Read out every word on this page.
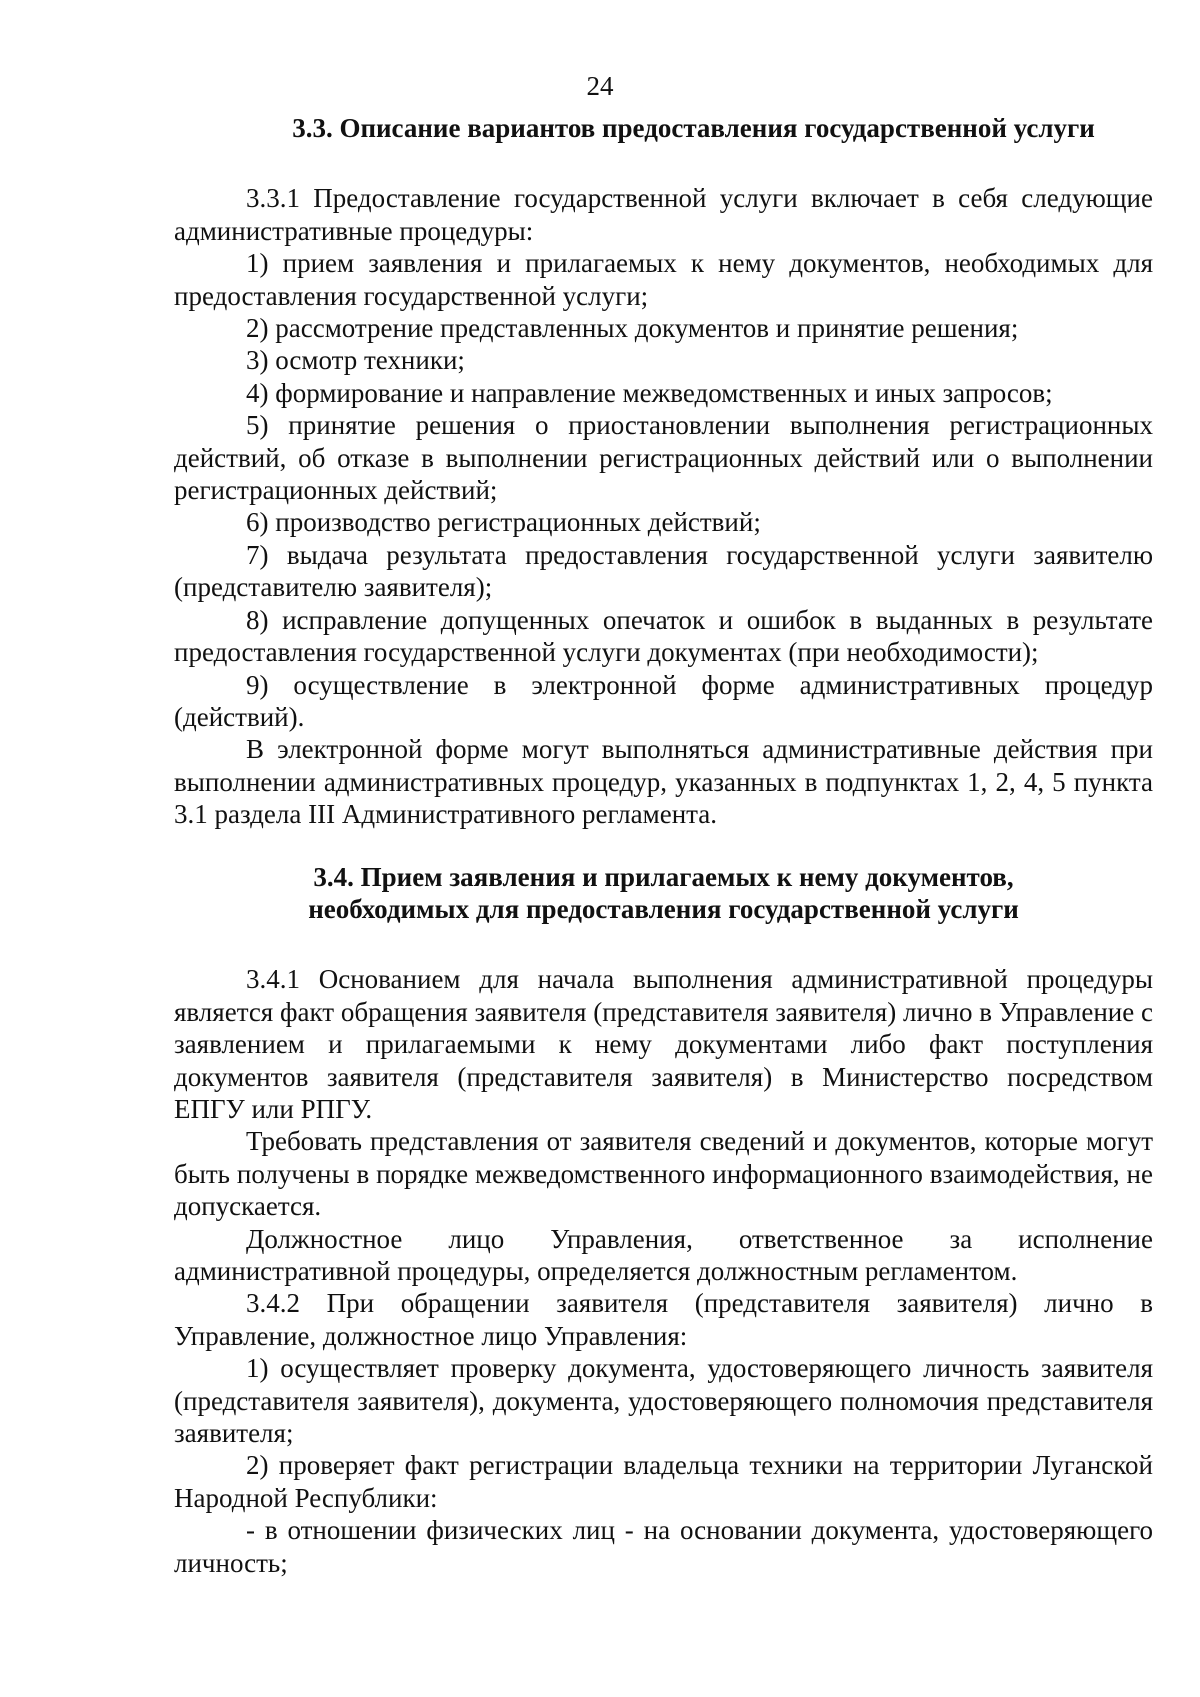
24
3.3. Описание вариантов предоставления государственной услуги

3.3.1 Предоставление государственной услуги включает в себя следующие административные процедуры:

1) прием заявления и прилагаемых к нему документов, необходимых для предоставления государственной услуги;

2) рассмотрение представленных документов и принятие решения;

3) осмотр техники;

4) формирование и направление межведомственных и иных запросов;

5) принятие решения о приостановлении выполнения регистрационных действий, об отказе в выполнении регистрационных действий или о выполнении регистрационных действий;

6) производство регистрационных действий;

7) выдача результата предоставления государственной услуги заявителю (представителю заявителя);

8) исправление допущенных опечаток и ошибок в выданных в результате предоставления государственной услуги документах (при необходимости);

9) осуществление в электронной форме административных процедур (действий).

В электронной форме могут выполняться административные действия при выполнении административных процедур, указанных в подпунктах 1, 2, 4, 5 пункта 3.1 раздела III Административного регламента.

3.4. Прием заявления и прилагаемых к нему документов,
необходимых для предоставления государственной услуги

3.4.1 Основанием для начала выполнения административной процедуры является факт обращения заявителя (представителя заявителя) лично в Управление с заявлением и прилагаемыми к нему документами либо факт поступления документов заявителя (представителя заявителя) в Министерство посредством ЕПГУ или РПГУ.

Требовать представления от заявителя сведений и документов, которые могут быть получены в порядке межведомственного информационного взаимодействия, не допускается.

Должностное лицо Управления, ответственное за исполнение административной процедуры, определяется должностным регламентом.

3.4.2 При обращении заявителя (представителя заявителя) лично в Управление, должностное лицо Управления:

1) осуществляет проверку документа, удостоверяющего личность заявителя (представителя заявителя), документа, удостоверяющего полномочия представителя заявителя;

2) проверяет факт регистрации владельца техники на территории Луганской Народной Республики:

- в отношении физических лиц - на основании документа, удостоверяющего личность;
